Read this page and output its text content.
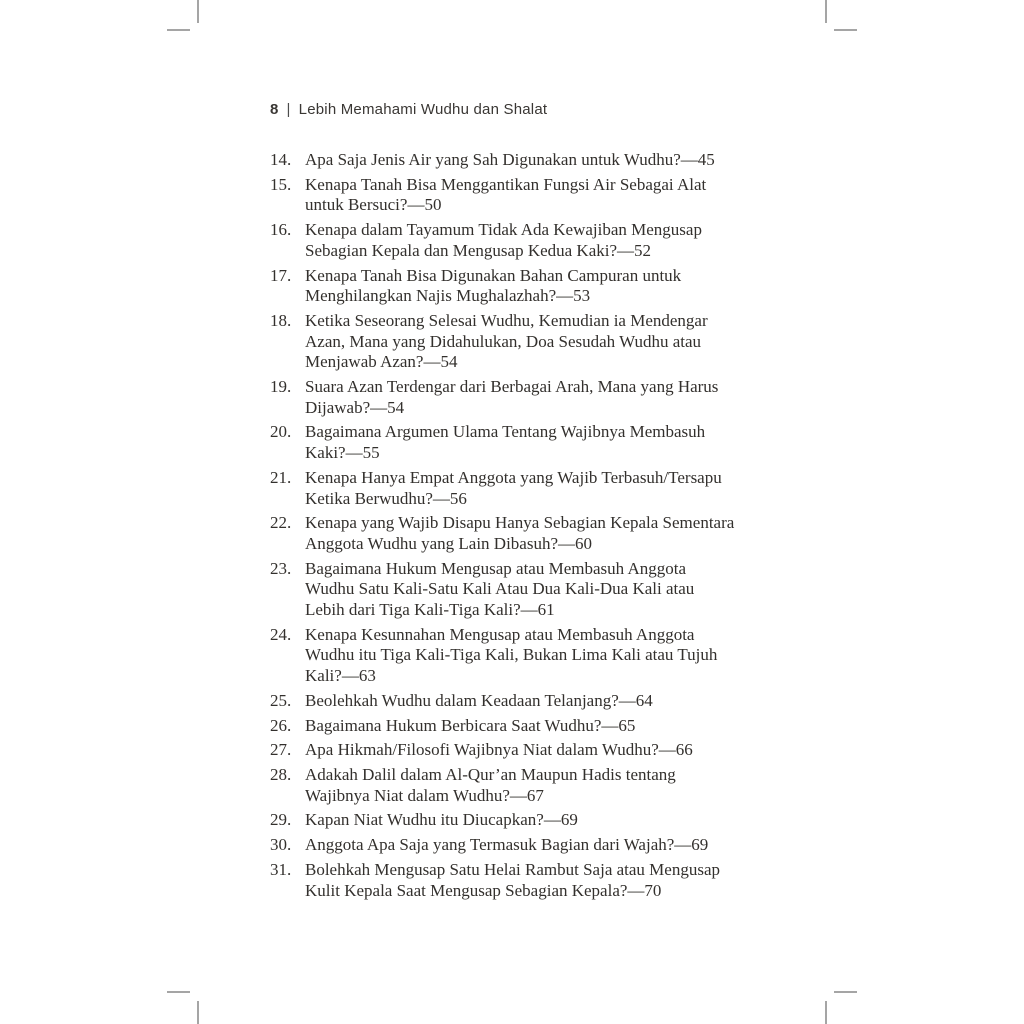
8 | Lebih Memahami Wudhu dan Shalat
14. Apa Saja Jenis Air yang Sah Digunakan untuk Wudhu?—45
15. Kenapa Tanah Bisa Menggantikan Fungsi Air Sebagai Alat
untuk Bersuci?—50
16. Kenapa dalam Tayamum Tidak Ada Kewajiban Mengusap
Sebagian Kepala dan Mengusap Kedua Kaki?—52
17. Kenapa Tanah Bisa Digunakan Bahan Campuran untuk
Menghilangkan Najis Mughalazhah?—53
18. Ketika Seseorang Selesai Wudhu, Kemudian ia Mendengar
Azan, Mana yang Didahulukan, Doa Sesudah Wudhu atau
Menjawab Azan?—54
19. Suara Azan Terdengar dari Berbagai Arah, Mana yang Harus
Dijawab?—54
20. Bagaimana Argumen Ulama Tentang Wajibnya Membasuh
Kaki?—55
21. Kenapa Hanya Empat Anggota yang Wajib Terbasuh/Tersapu
Ketika Berwudhu?—56
22. Kenapa yang Wajib Disapu Hanya Sebagian Kepala Sementara
Anggota Wudhu yang Lain Dibasuh?—60
23. Bagaimana Hukum Mengusap atau Membasuh Anggota
Wudhu Satu Kali-Satu Kali Atau Dua Kali-Dua Kali atau
Lebih dari Tiga Kali-Tiga Kali?—61
24. Kenapa Kesunnahan Mengusap atau Membasuh Anggota
Wudhu itu Tiga Kali-Tiga Kali, Bukan Lima Kali atau Tujuh
Kali?—63
25. Beolehkah Wudhu dalam Keadaan Telanjang?—64
26. Bagaimana Hukum Berbicara Saat Wudhu?—65
27. Apa Hikmah/Filosofi Wajibnya Niat dalam Wudhu?—66
28. Adakah Dalil dalam Al-Qur’an Maupun Hadis tentang
Wajibnya Niat dalam Wudhu?—67
29. Kapan Niat Wudhu itu Diucapkan?—69
30. Anggota Apa Saja yang Termasuk Bagian dari Wajah?—69
31. Bolehkah Mengusap Satu Helai Rambut Saja atau Mengusap
Kulit Kepala Saat Mengusap Sebagian Kepala?—70
